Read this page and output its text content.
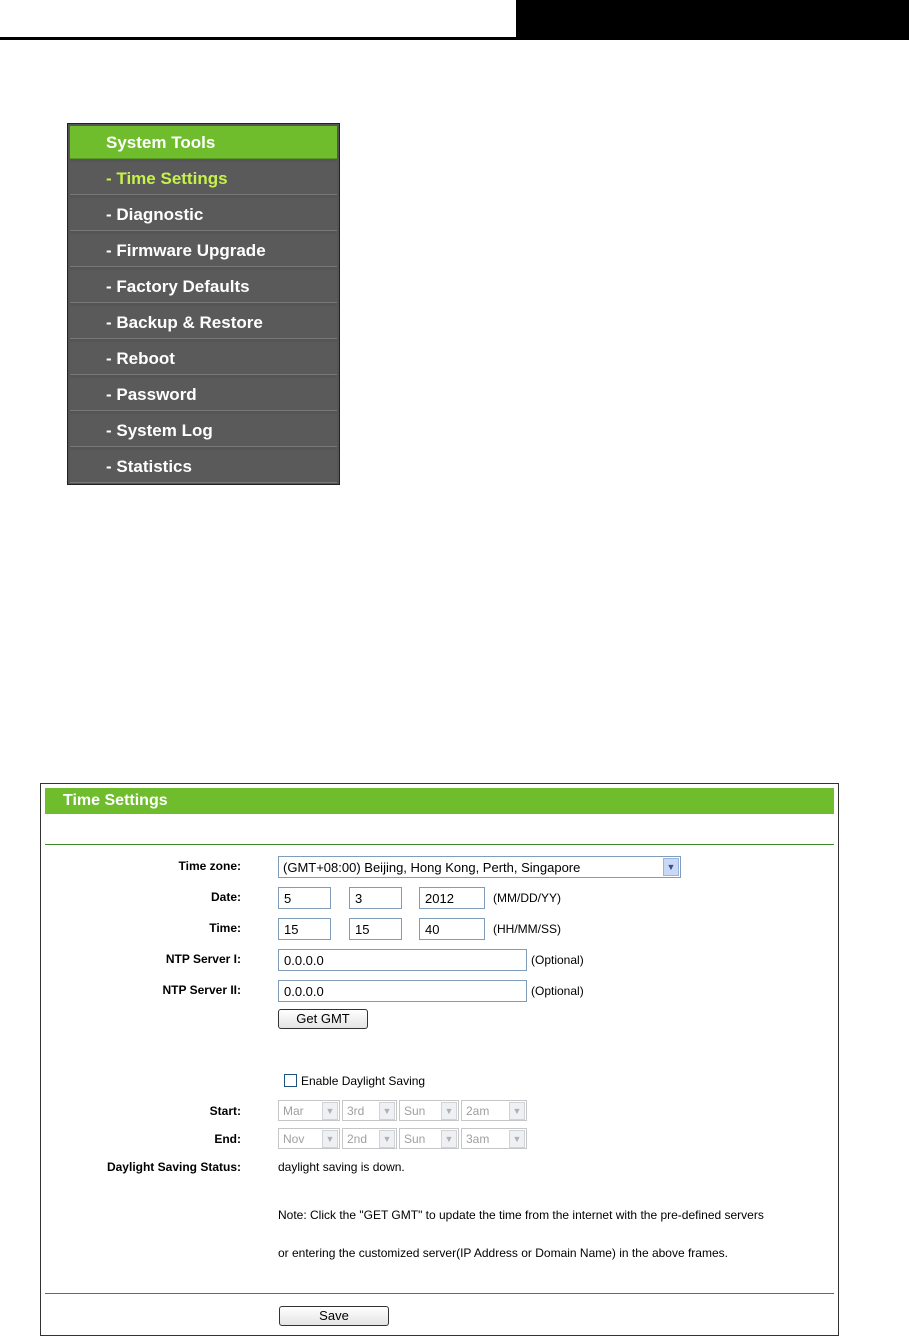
System Tools
- Time Settings
- Diagnostic
- Firmware Upgrade
- Factory Defaults
- Backup & Restore
- Reboot
- Password
- System Log
- Statistics
Time Settings
Time zone:	(GMT+08:00) Beijing, Hong Kong, Perth, Singapore	▼
Date:	5	3	2012	(MM/DD/YY)
Time:	15	15	40	(HH/MM/SS)
NTP Server I:	0.0.0.0	(Optional)
NTP Server II:	0.0.0.0	(Optional)
Get GMT
Enable Daylight Saving
Start:	Mar	▼	3rd	▼	Sun	▼	2am	▼
End:	Nov	▼	2nd	▼	Sun	▼	3am	▼
Daylight Saving Status:	daylight saving is down.
Note: Click the "GET GMT" to update the time from the internet with the pre-defined servers
or entering the customized server(IP Address or Domain Name) in the above frames.
Save
